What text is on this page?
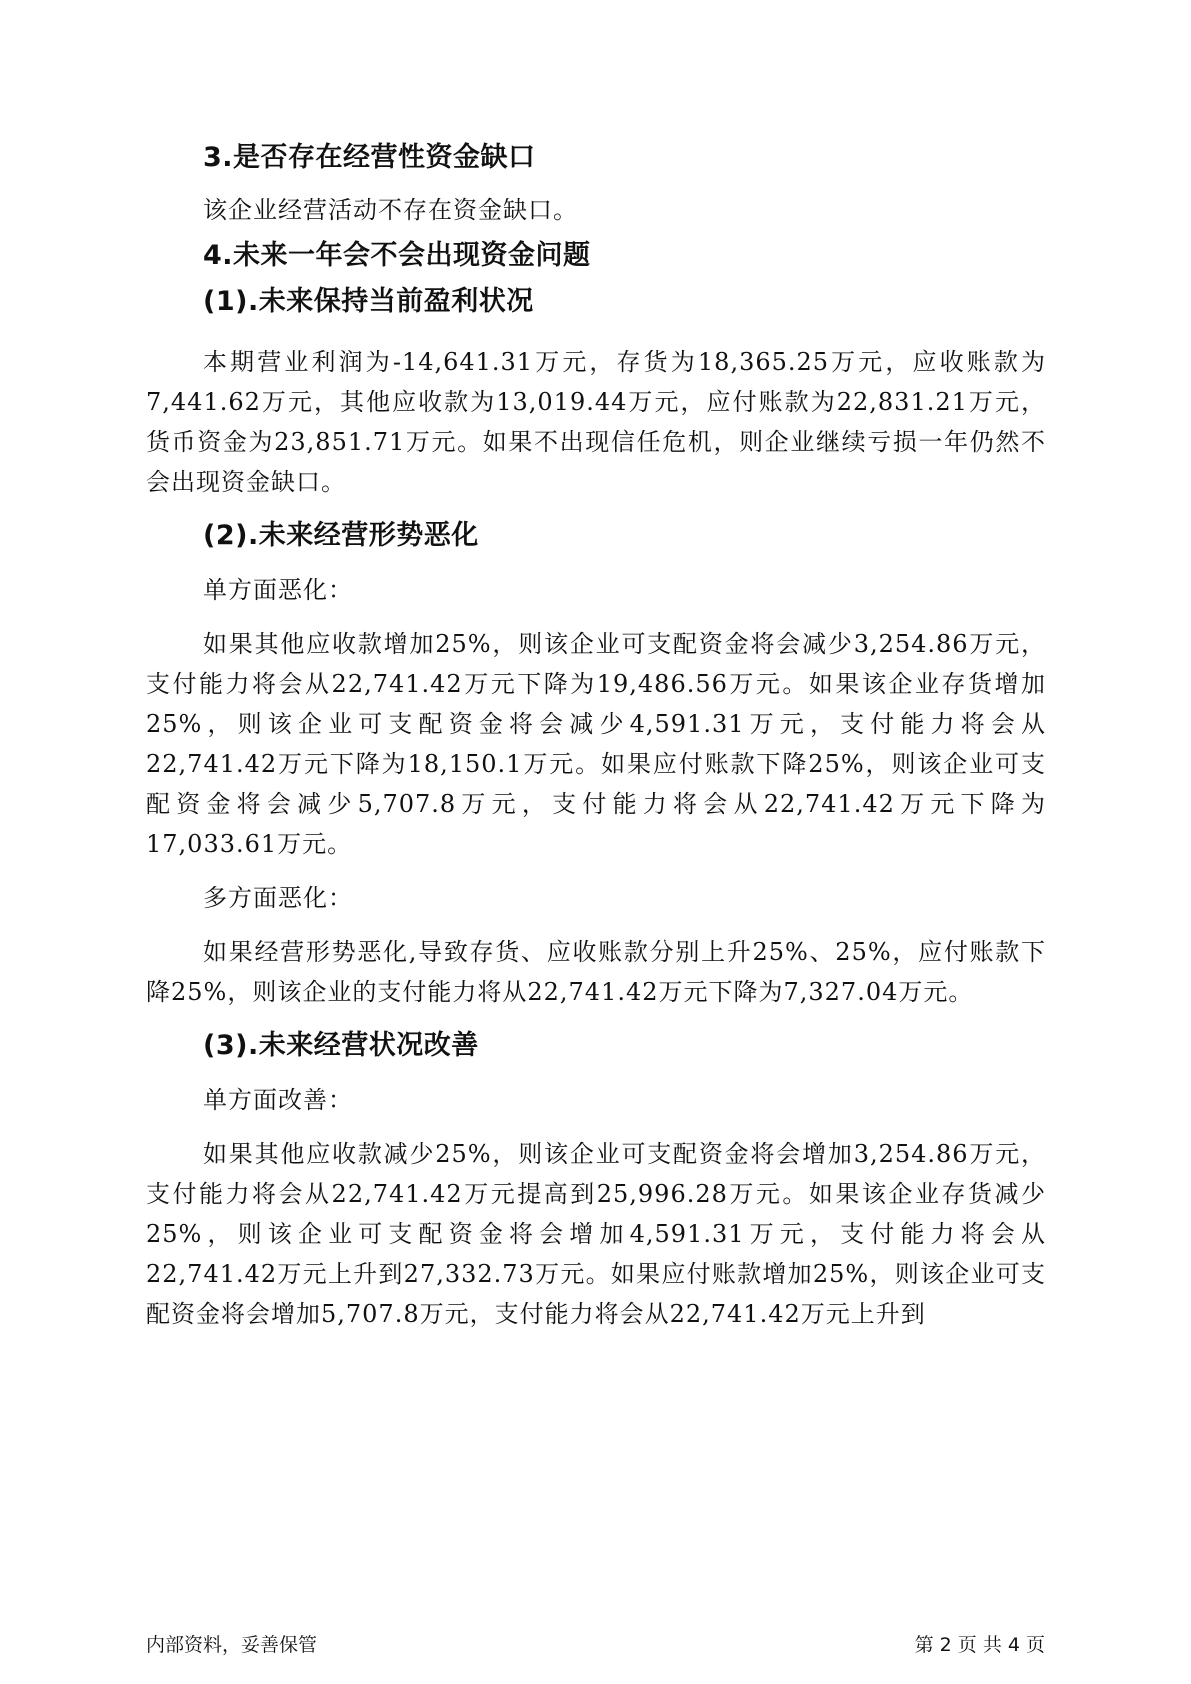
3.是否存在经营性资金缺口

该企业经营活动不存在资金缺口。

4.未来一年会不会出现资金问题
(1).未来保持当前盈利状况

本期营业利润为-14,641.31万元，存货为18,365.25万元，应收账款为7,441.62万元，其他应收款为13,019.44万元，应付账款为22,831.21万元，货币资金为23,851.71万元。如果不出现信任危机，则企业继续亏损一年仍然不会出现资金缺口。

(2).未来经营形势恶化

单方面恶化：

如果其他应收款增加25%，则该企业可支配资金将会减少3,254.86万元，支付能力将会从22,741.42万元下降为19,486.56万元。如果该企业存货增加25%，则该企业可支配资金将会减少4,591.31万元，支付能力将会从22,741.42万元下降为18,150.1万元。如果应付账款下降25%，则该企业可支配资金将会减少5,707.8万元，支付能力将会从22,741.42万元下降为17,033.61万元。

多方面恶化：

如果经营形势恶化,导致存货、应收账款分别上升25%、25%，应付账款下降25%，则该企业的支付能力将从22,741.42万元下降为7,327.04万元。

(3).未来经营状况改善

单方面改善：

如果其他应收款减少25%，则该企业可支配资金将会增加3,254.86万元，支付能力将会从22,741.42万元提高到25,996.28万元。如果该企业存货减少25%，则该企业可支配资金将会增加4,591.31万元，支付能力将会从22,741.42万元上升到27,332.73万元。如果应付账款增加25%，则该企业可支配资金将会增加5,707.8万元，支付能力将会从22,741.42万元上升到

内部资料，妥善保管	第 2 页 共 4 页
